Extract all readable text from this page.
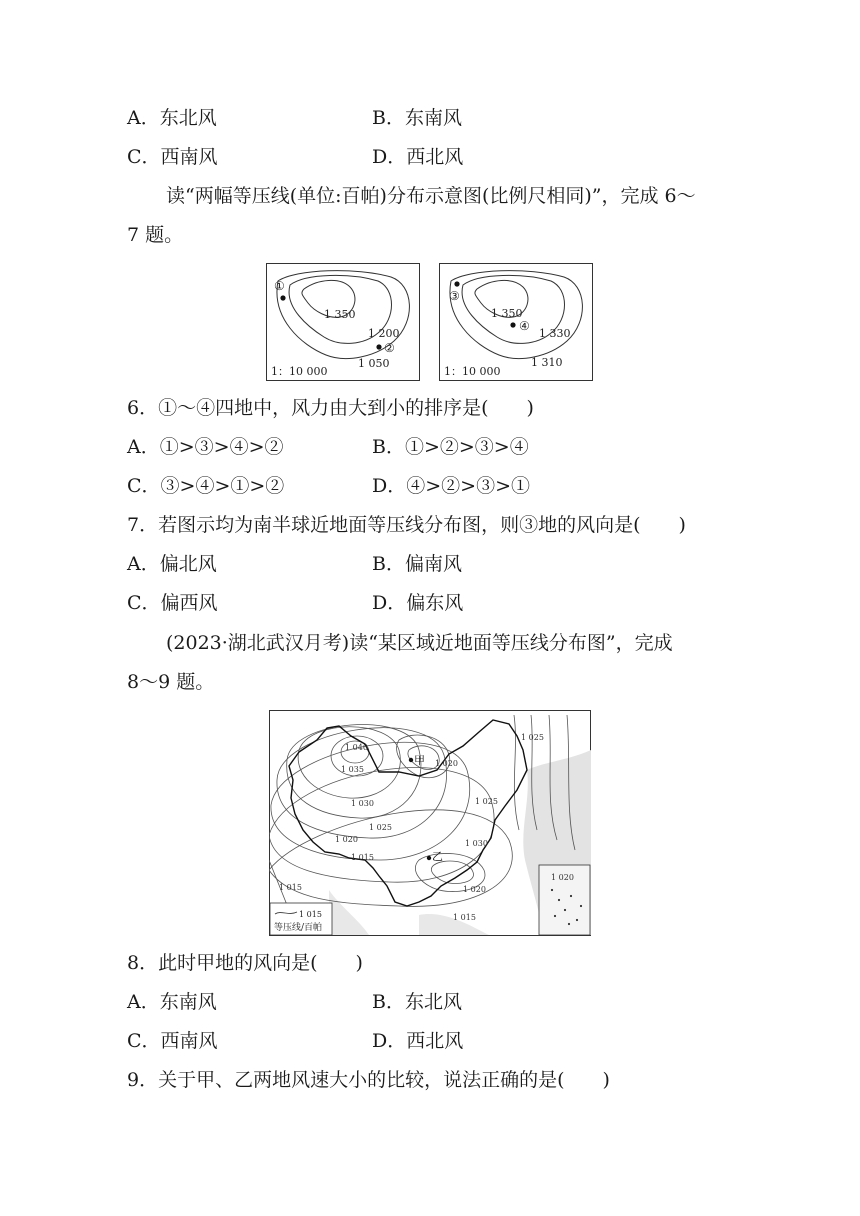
A．东北风	B．东南风
C．西南风	D．西北风
读“两幅等压线(单位:百帕)分布示意图(比例尺相同)”，完成 6～
7 题。
①
1 350
1 200
②
1 050
1：10 000
③
1 350
④
1 330
1 310
1：10 000
6．①～④四地中，风力由大到小的排序是(　　)
A．①>③>④>②	B．①>②>③>④
C．③>④>①>②	D．④>②>③>①
7．若图示均为南半球近地面等压线分布图，则③地的风向是(　　)
A．偏北风	B．偏南风
C．偏西风	D．偏东风
(2023·湖北武汉月考)读“某区域近地面等压线分布图”，完成
8～9 题。
1 015
等压线/百帕
1 040
1 035
1 030
1 025
1 020
1 015
1 015
1 020
1 025
1 030
1 020
1 015
1 025
1 020
甲
乙
8．此时甲地的风向是(　　)
A．东南风	B．东北风
C．西南风	D．西北风
9．关于甲、乙两地风速大小的比较，说法正确的是(　　)
